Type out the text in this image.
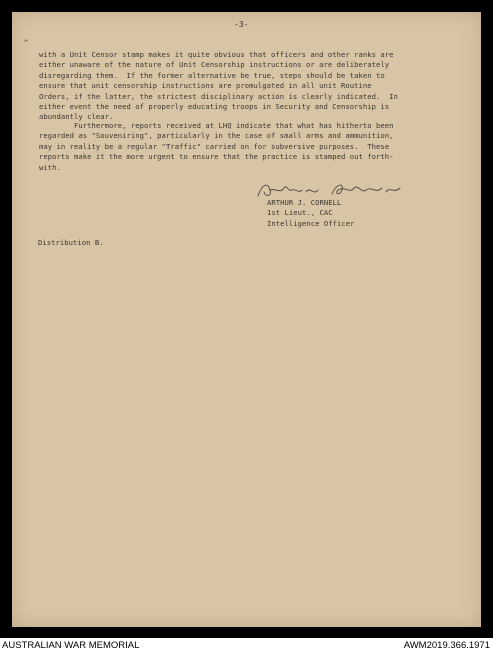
^
-3-
with a Unit Censor stamp makes it quite obvious that officers and other ranks are
either unaware of the nature of Unit Censorship instructions or are deliberately
disregarding them.  If the former alternative be true, steps should be taken to
ensure that unit censorship instructions are promulgated in all unit Routine
Orders, if the latter, the strictest disciplinary action is clearly indicated.  In
either event the need of properly educating troops in Security and Censorship is
abundantly clear.
Furthermore, reports received at LHQ indicate that what has hitherto been
regarded as "Souveniring", particularly in the case of small arms and ammunition,
may in reality be a regular "Traffic" carried on for subversive purposes.  These
reports make it the more urgent to ensure that the practice is stamped out forth-
with.
ARTHUR J. CORNELL
1st Lieut., CAC
Intelligence Officer
Distribution B.
AUSTRALIAN WAR MEMORIAL	AWM2019.366.1971
